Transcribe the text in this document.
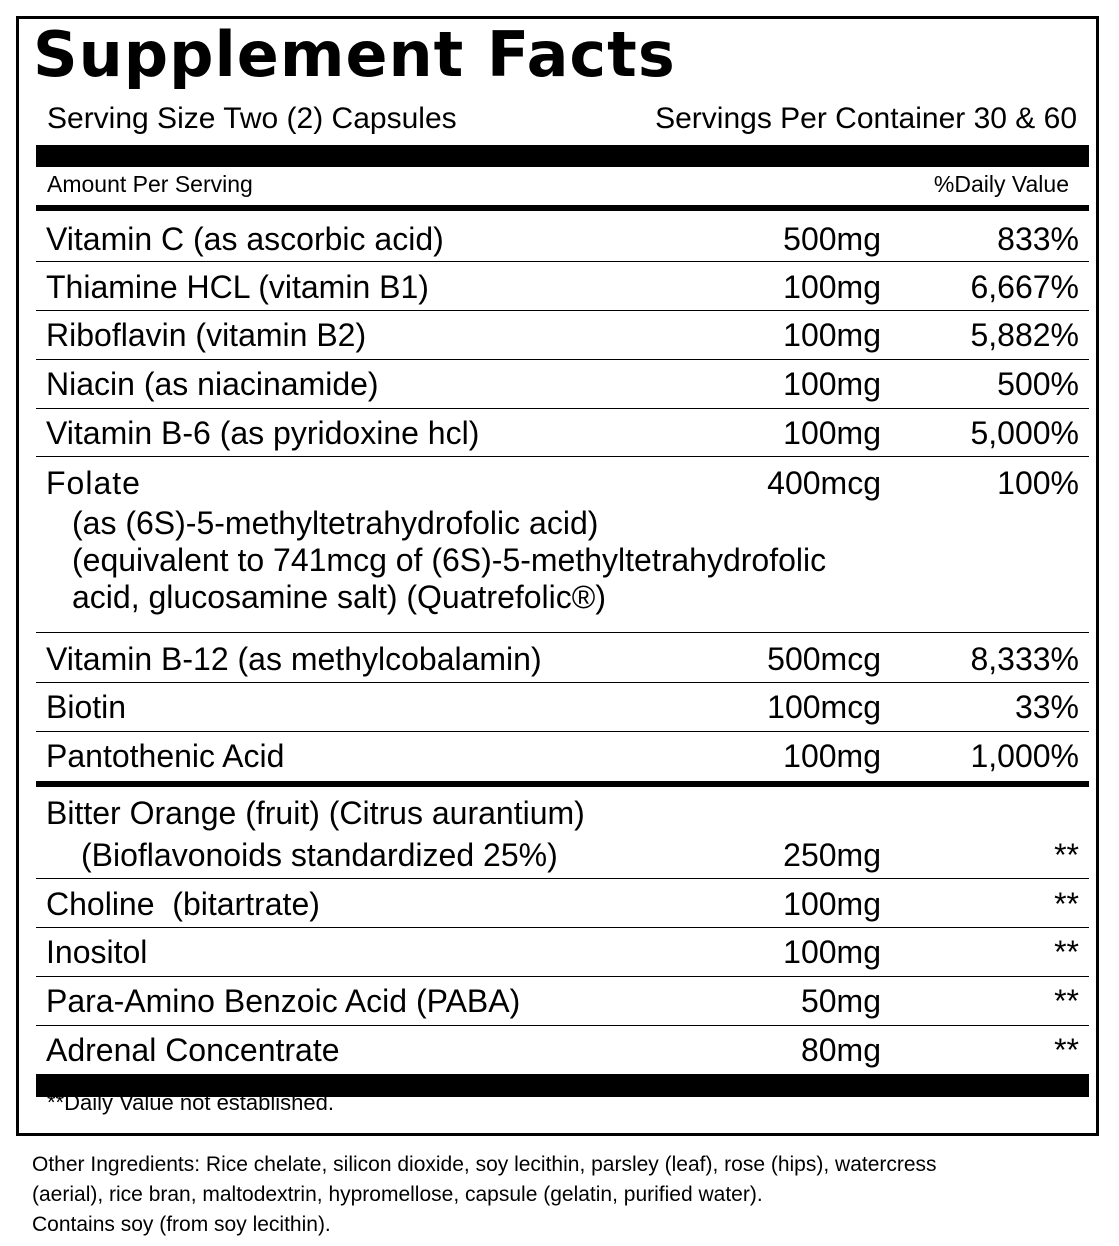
Supplement Facts
Serving Size Two (2) Capsules	Servings Per Container 30 & 60
Amount Per Serving	%Daily Value
Vitamin C (as ascorbic acid)	500mg	833%
Thiamine HCL (vitamin B1)	100mg	6,667%
Riboflavin (vitamin B2)	100mg	5,882%
Niacin (as niacinamide)	100mg	500%
Vitamin B-6 (as pyridoxine hcl)	100mg	5,000%
Folate	400mcg	100%
(as (6S)-5-methyltetrahydrofolic acid)
(equivalent to 741mcg of (6S)-5-methyltetrahydrofolic
acid, glucosamine salt) (Quatrefolic®)
Vitamin B-12 (as methylcobalamin)	500mcg	8,333%
Biotin	100mcg	33%
Pantothenic Acid	100mg	1,000%
Bitter Orange (fruit) (Citrus aurantium)
(Bioflavonoids standardized 25%)	250mg	**
Choline  (bitartrate)	100mg	**
Inositol	100mg	**
Para-Amino Benzoic Acid (PABA)	50mg	**
Adrenal Concentrate	80mg	**
**Daily Value not established.
Other Ingredients: Rice chelate, silicon dioxide, soy lecithin, parsley (leaf), rose (hips), watercress
(aerial), rice bran, maltodextrin, hypromellose, capsule (gelatin, purified water).
Contains soy (from soy lecithin).
